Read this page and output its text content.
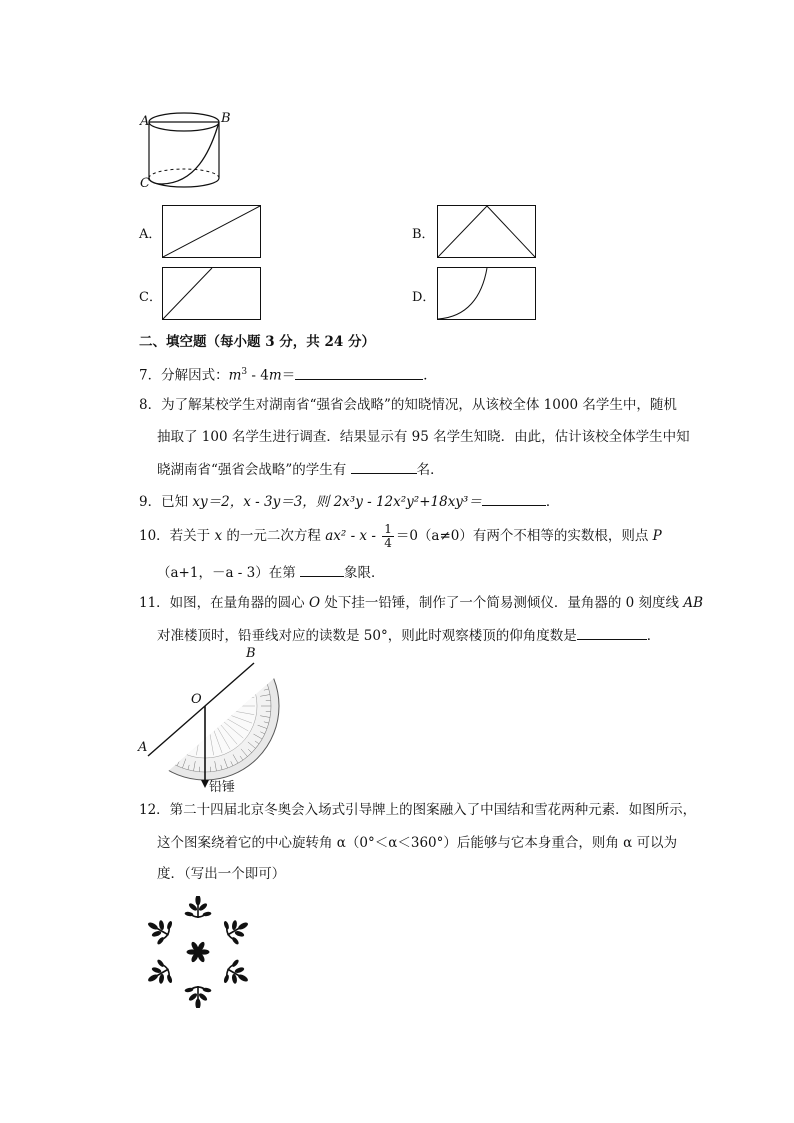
A	B
C
A．	B．
C．	D．
二、填空题（每小题 3 分，共 24 分）
7．分解因式：$m^3 - 4m=$	．
8．为了解某校学生对湖南省“强省会战略”的知晓情况，从该校全体 1000 名学生中，随机
抽取了 100 名学生进行调查．结果显示有 95 名学生知晓．由此，估计该校全体学生中知
晓湖南省“强省会战略”的学生有	名．
9．已知 xy＝2，x - 3y＝3，则 2x³y - 12x²y²+18xy³＝	．
10．若关于 x 的一元二次方程 $ax^2 - x - \frac{1}{4} =0(a\ne 0)$有两个不相等的实数根，则点 P
（a+1，－a - 3）在第	象限．
11．如图，在量角器的圆心 O 处下挂一铅锤，制作了一个简易测倾仪．量角器的 0 刻度线 AB
对准楼顶时，铅垂线对应的读数是 50°，则此时观察楼顶的仰角度数是	．
B
O
A
铅锤
12．第二十四届北京冬奥会入场式引导牌上的图案融入了中国结和雪花两种元素．如图所示，
这个图案绕着它的中心旋转角 α（0°＜α＜360°）后能够与它本身重合，则角 α 可以为
度．（写出一个即可）
